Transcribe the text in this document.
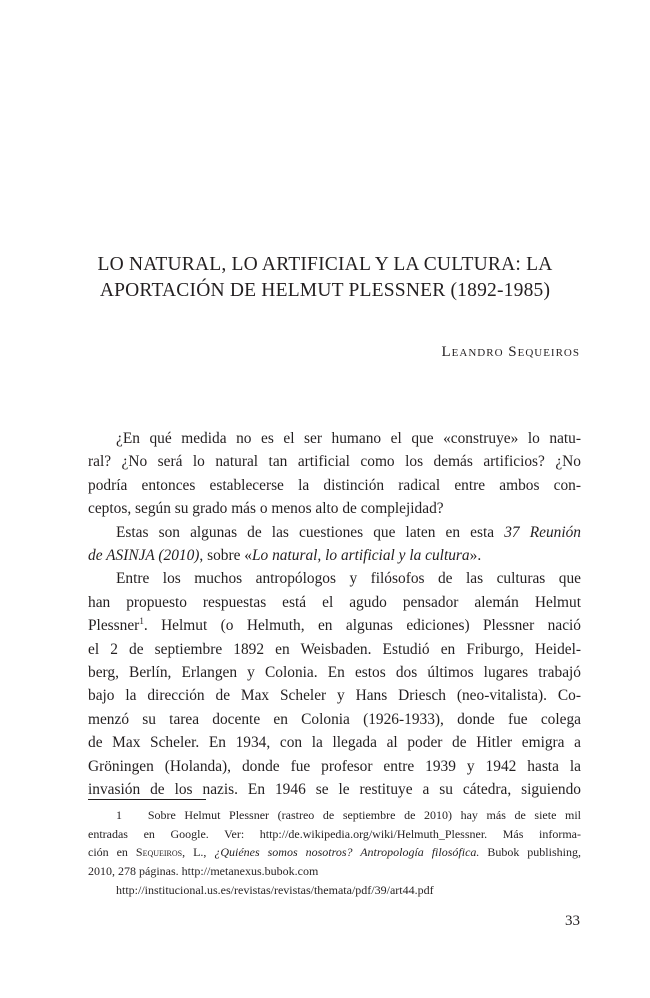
LO NATURAL, LO ARTIFICIAL Y LA CULTURA: LA
APORTACIÓN DE HELMUT PLESSNER (1892-1985)
Leandro Sequeiros
¿En qué medida no es el ser humano el que «construye» lo natu-
ral? ¿No será lo natural tan artificial como los demás artificios? ¿No
podría entonces establecerse la distinción radical entre ambos con-
ceptos, según su grado más o menos alto de complejidad?
Estas son algunas de las cuestiones que laten en esta 37 Reunión
de ASINJA (2010), sobre «Lo natural, lo artificial y la cultura».
Entre los muchos antropólogos y filósofos de las culturas que
han propuesto respuestas está el agudo pensador alemán Helmut
Plessner$^1$. Helmut (o Helmuth, en algunas ediciones) Plessner nació
el 2 de septiembre 1892 en Weisbaden. Estudió en Friburgo, Heidel-
berg, Berlín, Erlangen y Colonia. En estos dos últimos lugares trabajó
bajo la dirección de Max Scheler y Hans Driesch (neo-vitalista). Co-
menzó su tarea docente en Colonia (1926-1933), donde fue colega
de Max Scheler. En 1934, con la llegada al poder de Hitler emigra a
Gröningen (Holanda), donde fue profesor entre 1939 y 1942 hasta la
invasión de los nazis. En 1946 se le restituye a su cátedra, siguiendo
1 Sobre Helmut Plessner (rastreo de septiembre de 2010) hay más de siete mil
entradas en Google. Ver: http://de.wikipedia.org/wiki/Helmuth_Plessner. Más informa-
ción en Sequeiros, L., ¿Quiénes somos nosotros? Antropología filosófica. Bubok publishing,
2010, 278 páginas. http://metanexus.bubok.com
http://institucional.us.es/revistas/revistas/themata/pdf/39/art44.pdf
33
